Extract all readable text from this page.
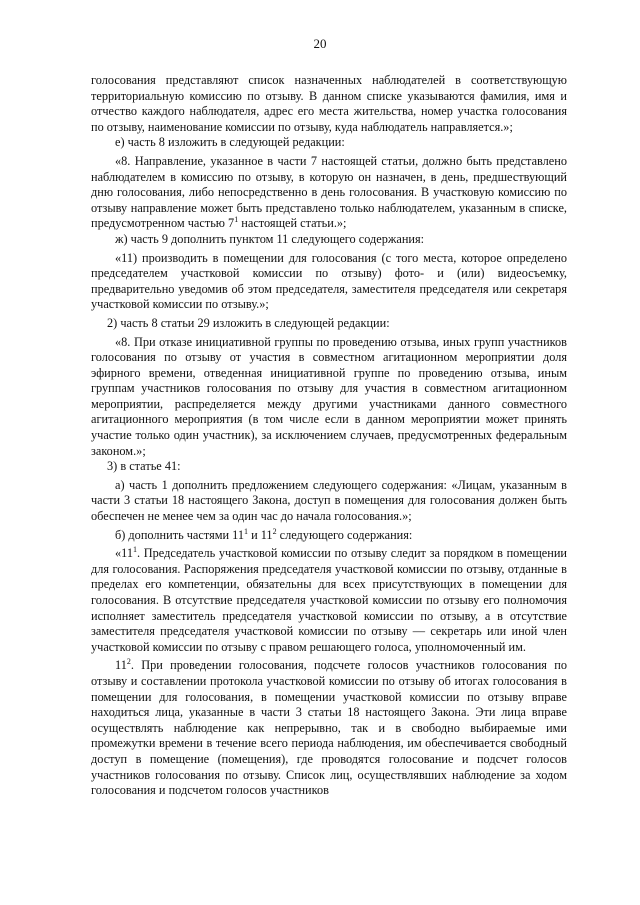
20

голосования представляют список назначенных наблюдателей в соответствующую территориальную комиссию по отзыву. В данном списке указываются фамилия, имя и отчество каждого наблюдателя, адрес его места жительства, номер участка голосования по отзыву, наименование комиссии по отзыву, куда наблюдатель направляется.»;

е) часть 8 изложить в следующей редакции:

«8. Направление, указанное в части 7 настоящей статьи, должно быть представлено наблюдателем в комиссию по отзыву, в которую он назначен, в день, предшествующий дню голосования, либо непосредственно в день голосования. В участковую комиссию по отзыву направление может быть представлено только наблюдателем, указанным в списке, предусмотренном частью $7^1$ настоящей статьи.»;

ж) часть 9 дополнить пунктом 11 следующего содержания:

«11) производить в помещении для голосования (с того места, которое определено председателем участковой комиссии по отзыву) фото- и (или) видеосъемку, предварительно уведомив об этом председателя, заместителя председателя или секретаря участковой комиссии по отзыву.»;

2) часть 8 статьи 29 изложить в следующей редакции:

«8. При отказе инициативной группы по проведению отзыва, иных групп участников голосования по отзыву от участия в совместном агитационном мероприятии доля эфирного времени, отведенная инициативной группе по проведению отзыва, иным группам участников голосования по отзыву для участия в совместном агитационном мероприятии, распределяется между другими участниками данного совместного агитационного мероприятия (в том числе если в данном мероприятии может принять участие только один участник), за исключением случаев, предусмотренных федеральным законом.»;

3) в статье 41:

а) часть 1 дополнить предложением следующего содержания: «Лицам, указанным в части 3 статьи 18 настоящего Закона, доступ в помещения для голосования должен быть обеспечен не менее чем за один час до начала голосования.»;

б) дополнить частями $11^1$ и $11^2$ следующего содержания:

«$11^1$. Председатель участковой комиссии по отзыву следит за порядком в помещении для голосования. Распоряжения председателя участковой комиссии по отзыву, отданные в пределах его компетенции, обязательны для всех присутствующих в помещении для голосования. В отсутствие председателя участковой комиссии по отзыву его полномочия исполняет заместитель председателя участковой комиссии по отзыву, а в отсутствие заместителя председателя участковой комиссии по отзыву — секретарь или иной член участковой комиссии по отзыву с правом решающего голоса, уполномоченный им.

$11^2$. При проведении голосования, подсчете голосов участников голосования по отзыву и составлении протокола участковой комиссии по отзыву об итогах голосования в помещении для голосования, в помещении участковой комиссии по отзыву вправе находиться лица, указанные в части 3 статьи 18 настоящего Закона. Эти лица вправе осуществлять наблюдение как непрерывно, так и в свободно выбираемые ими промежутки времени в течение всего периода наблюдения, им обеспечивается свободный доступ в помещение (помещения), где проводятся голосование и подсчет голосов участников голосования по отзыву. Список лиц, осуществлявших наблюдение за ходом голосования и подсчетом голосов участников
